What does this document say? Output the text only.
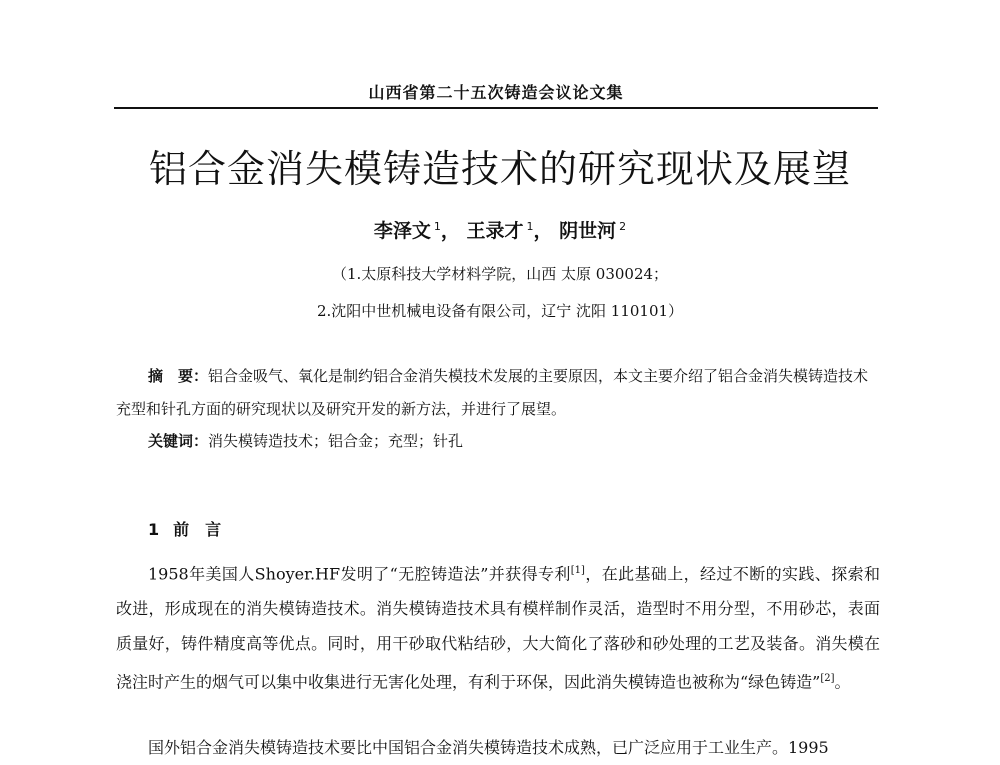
山西省第二十五次铸造会议论文集
铝合金消失模铸造技术的研究现状及展望
李泽文 $^1$， 王录才 $^1$， 阴世河 $^2$
（1.太原科技大学材料学院，山西 太原 030024；
2.沈阳中世机械电设备有限公司，辽宁 沈阳 110101）
摘　要：铝合金吸气、氧化是制约铝合金消失模技术发展的主要原因，本文主要介绍了铝合金消失模铸造技术充型和针孔方面的研究现状以及研究开发的新方法，并进行了展望。
关键词：消失模铸造技术；铝合金；充型；针孔
1 前　言
1958年美国人Shoyer.HF发明了“无腔铸造法”并获得专利[1]，在此基础上，经过不断的实践、探索和改进，形成现在的消失模铸造技术。消失模铸造技术具有模样制作灵活，造型时不用分型，不用砂芯，表面质量好，铸件精度高等优点。同时，用干砂取代粘结砂，大大简化了落砂和砂处理的工艺及装备。消失模在浇注时产生的烟气可以集中收集进行无害化处理，有利于环保，因此消失模铸造也被称为“绿色铸造”[2]。
国外铝合金消失模铸造技术要比中国铝合金消失模铸造技术成熟，已广泛应用于工业生产。1995
